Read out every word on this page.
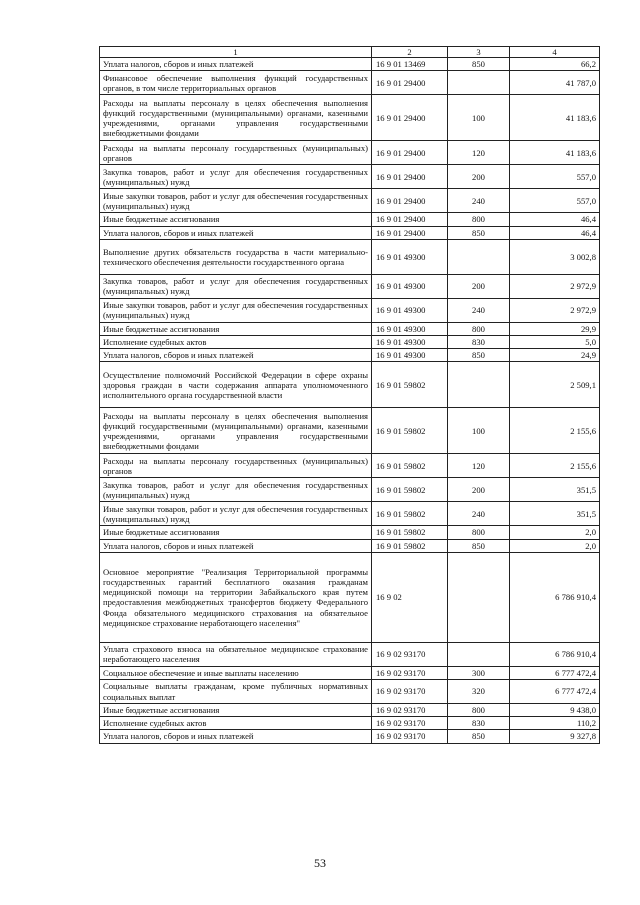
1	2	3	4
Уплата налогов, сборов и иных платежей	16 9 01 13469	850	66,2
Финансовое обеспечение выполнения функций государственных органов, в том числе территориальных органов	16 9 01 29400		41 787,0
Расходы на выплаты персоналу в целях обеспечения выполнения функций государственными (муниципальными) органами, казенными учреждениями, органами управления государственными внебюджетными фондами	16 9 01 29400	100	41 183,6
Расходы на выплаты персоналу государственных (муниципальных) органов	16 9 01 29400	120	41 183,6
Закупка товаров, работ и услуг для обеспечения государственных (муниципальных) нужд	16 9 01 29400	200	557,0
Иные закупки товаров, работ и услуг для обеспечения государственных (муниципальных) нужд	16 9 01 29400	240	557,0
Иные бюджетные ассигнования	16 9 01 29400	800	46,4
Уплата налогов, сборов и иных платежей	16 9 01 29400	850	46,4
Выполнение других обязательств государства в части материально-технического обеспечения деятельности государственного органа	16 9 01 49300		3 002,8
Закупка товаров, работ и услуг для обеспечения государственных (муниципальных) нужд	16 9 01 49300	200	2 972,9
Иные закупки товаров, работ и услуг для обеспечения государственных (муниципальных) нужд	16 9 01 49300	240	2 972,9
Иные бюджетные ассигнования	16 9 01 49300	800	29,9
Исполнение судебных актов	16 9 01 49300	830	5,0
Уплата налогов, сборов и иных платежей	16 9 01 49300	850	24,9
Осуществление полномочий Российской Федерации в сфере охраны здоровья граждан в части содержания аппарата уполномоченного исполнительного органа государственной власти	16 9 01 59802		2 509,1
Расходы на выплаты персоналу в целях обеспечения выполнения функций государственными (муниципальными) органами, казенными учреждениями, органами управления государственными внебюджетными фондами	16 9 01 59802	100	2 155,6
Расходы на выплаты персоналу государственных (муниципальных) органов	16 9 01 59802	120	2 155,6
Закупка товаров, работ и услуг для обеспечения государственных (муниципальных) нужд	16 9 01 59802	200	351,5
Иные закупки товаров, работ и услуг для обеспечения государственных (муниципальных) нужд	16 9 01 59802	240	351,5
Иные бюджетные ассигнования	16 9 01 59802	800	2,0
Уплата налогов, сборов и иных платежей	16 9 01 59802	850	2,0
Основное мероприятие "Реализация Территориальной программы государственных гарантий бесплатного оказания гражданам медицинской помощи на территории Забайкальского края путем предоставления межбюджетных трансфертов бюджету Федерального Фонда обязательного медицинского страхования на обязательное медицинское страхование неработающего населения"	16 9 02		6 786 910,4
Уплата страхового взноса на обязательное медицинское страхование неработающего населения	16 9 02 93170		6 786 910,4
Социальное обеспечение и иные выплаты населению	16 9 02 93170	300	6 777 472,4
Социальные выплаты гражданам, кроме публичных нормативных социальных выплат	16 9 02 93170	320	6 777 472,4
Иные бюджетные ассигнования	16 9 02 93170	800	9 438,0
Исполнение судебных актов	16 9 02 93170	830	110,2
Уплата налогов, сборов и иных платежей	16 9 02 93170	850	9 327,8
53
